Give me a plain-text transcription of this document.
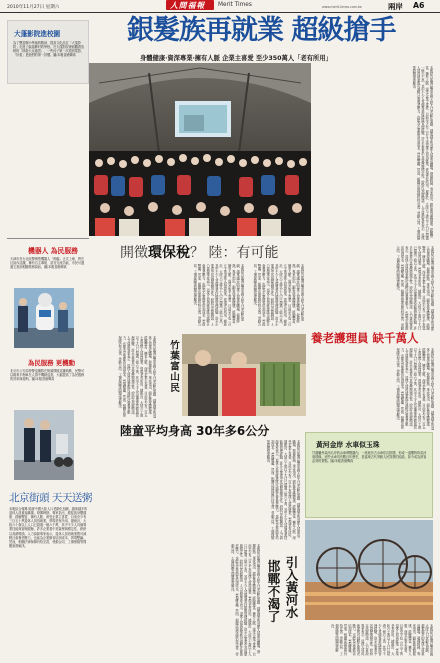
2010年11月27日 星期六	人間福報 Merit Times	www.merit-times.com.tw	兩岸 A6
大蓬影院進校園
為了豐富鄉小學童的精神、提高文化品位「大蓬影院」走進了偏遠鄉村的學校。在大蓬影院裡面觀看放映的「拯救大兵瑞恩」，一些孩子第一次看到電影，「好看」是他們的第一評價。圖/本報香港傳真
銀髮族再就業 超級搶手
身體健康‧資深專業‧擁有人脈 企業主喜愛 至少350萬人「老有所用」
本報綜合報導 隨著中國大陸人口老齡化加劇，越來越多的退休人員重返職場，發揮餘熱。專家指出，銀髮族身體健康、經驗豐富、擁有人脈，深受企業主喜愛，目前至少有三百五十萬退休人員再就業，實現老有所用。據統計，大陸六十歲以上人口已超過一億六千萬，其中不少人具備專業技能與管理經驗，許多企業看中其資歷與穩定性，紛紛以高薪聘請。人力資源專家表示，退休人員再就業既可減輕社會養老壓力，也能為企業節省培訓成本，實現雙贏。然而，相關法律保障仍待完善，勞動合同、工傷保險等問題亟需解決。
機器人 為民服務
天津市首台社區警務型機器人「鈴鐺」正式上崗，將在社區內巡邏，擁有自主導航、語音交流功能，市民可通過它查詢相關業務資訊。圖/本報香港傳真
為民服務 更機動
北京市公安局特警巡邏隊在街頭開展巡邏執勤，民警可以騎乘平衡車在人群中機動巡查，大幅提高了為民服務的效率與便利。圖/本報香港傳真
開徵環保稅？ 陸：有可能
本報綜合報導 隨著中國大陸人口老齡化加劇，越來越多的退休人員重返職場，發揮餘熱。專家指出，銀髮族身體健康、經驗豐富、擁有人脈，深受企業主喜愛，目前至少有三百五十萬退休人員再就業，實現老有所用。據統計，大陸六十歲以上人口已超過一億六千萬，其中不少人具備專業技能與管理經驗，許多企業看中其資歷與穩定性，紛紛以高薪聘請。人力資源專家表示，退休人員再就業既可減輕社會養老壓力，也能為企業節省培訓成本，實現雙贏。然而，相關法律保障仍待完善，勞動合同、工傷保險等問題亟需解決。	本報綜合報導 隨著中國大陸人口老齡化加劇，越來越多的退休人員重返職場，發揮餘熱。專家指出，銀髮族身體健康、經驗豐富、擁有人脈，深受企業主喜愛，目前至少有三百五十萬退休人員再就業，實現老有所用。據統計，大陸六十歲以上人口已超過一億六千萬，其中不少人具備專業技能與管理經驗，許多企業看中其資歷與穩定性，紛紛以高薪聘請。人力資源專家表示，退休人員再就業既可減輕社會養老壓力，也能為企業節省培訓成本，實現雙贏。然而，相關法律保障仍待完善，勞動合同、工傷保險等問題亟需解決。	本報綜合報導 隨著中國大陸人口老齡化加劇，越來越多的退休人員重返職場，發揮餘熱。專家指出，銀髮族身體健康、經驗豐富、擁有人脈，深受企業主喜愛，目前至少有三百五十萬退休人員再就業，實現老有所用。據統計，大陸六十歲以上人口已超過一億六千萬，其中不少人具備專業技能與管理經驗，許多企業看中其資歷與穩定性，紛紛以高薪聘請。人力資源專家表示，退休人員再就業既可減輕社會養老壓力，也能為企業節省培訓成本，實現雙贏。然而，相關法律保障仍待完善，勞動合同、工傷保險等問題亟需解決。
養老護理員 缺千萬人
本報綜合報導 隨著中國大陸人口老齡化加劇，越來越多的退休人員重返職場，發揮餘熱。專家指出，銀髮族身體健康、經驗豐富、擁有人脈，深受企業主喜愛，目前至少有三百五十萬退休人員再就業，實現老有所用。據統計，大陸六十歲以上人口已超過一億六千萬，其中不少人具備專業技能與管理經驗，許多企業看中其資歷與穩定性，紛紛以高薪聘請。人力資源專家表示，退休人員再就業既可減輕社會養老壓力，也能為企業節省培訓成本，實現雙贏。然而，相關法律保障仍待完善，勞動合同、工傷保險等問題亟需解決。	竹葉富山民	本報綜合報導 隨著中國大陸人口老齡化加劇，越來越多的退休人員重返職場，發揮餘熱。專家指出，銀髮族身體健康、經驗豐富、擁有人脈，深受企業主喜愛，目前至少有三百五十萬退休人員再就業，實現老有所用。據統計，大陸六十歲以上人口已超過一億六千萬，其中不少人具備專業技能與管理經驗，許多企業看中其資歷與穩定性，紛紛以高薪聘請。人力資源專家表示，退休人員再就業既可減輕社會養老壓力，也能為企業節省培訓成本，實現雙贏。然而，相關法律保障仍待完善，勞動合同、工傷保險等問題亟需解決。
陸童平均身高 30年多6公分
北京街頭 天天送粥
本報綜合報導 隨著中國大陸人口老齡化加劇，越來越多的退休人員重返職場，發揮餘熱。專家指出，銀髮族身體健康、經驗豐富、擁有人脈，深受企業主喜愛，目前至少有三百五十萬退休人員再就業，實現老有所用。據統計，大陸六十歲以上人口已超過一億六千萬，其中不少人具備專業技能與管理經驗，許多企業看中其資歷與穩定性，紛紛以高薪聘請。人力資源專家表示，退休人員再就業既可減輕社會養老壓力，也能為企業節省培訓成本，實現雙贏。然而，相關法律保障仍待完善，勞動合同、工傷保險等問題亟需解決。
本報綜合報導 隨著中國大陸人口老齡化加劇，越來越多的退休人員重返職場，發揮餘熱。專家指出，銀髮族身體健康、經驗豐富、擁有人脈，深受企業主喜愛，目前至少有三百五十萬退休人員再就業，實現老有所用。據統計，大陸六十歲以上人口已超過一億六千萬，其中不少人具備專業技能與管理經驗，許多企業看中其資歷與穩定性，紛紛以高薪聘請。人力資源專家表示，退休人員再就業既可減輕社會養老壓力，也能為企業節省培訓成本，實現雙贏。然而，相關法律保障仍待完善，勞動合同、工傷保險等問題亟需解決。
本報綜合報導 隨著中國大陸人口老齡化加劇，越來越多的退休人員重返職場，發揮餘熱。專家指出，銀髮族身體健康、經驗豐富、擁有人脈，深受企業主喜愛，目前至少有三百五十萬退休人員再就業，實現老有所用。據統計，大陸六十歲以上人口已超過一億六千萬，其中不少人具備專業技能與管理經驗，許多企業看中其資歷與穩定性，紛紛以高薪聘請。人力資源專家表示，退休人員再就業既可減輕社會養老壓力，也能為企業節省培訓成本，實現雙贏。然而，相關法律保障仍待完善，勞動合同、工傷保險等問題亟需解決。
黃河金岸 水車似玉珠
甘肅蘭州黃河沿岸的水車博覽園內，一座座仿古水車依次排開，形成一道獨特的黃河風情線。這些水車具有數百年歷史，是當地古代勞動人民智慧的結晶，如今成為遊客必到的景點。圖/本報香港傳真
引入黃河水
邯鄲不渴了
本報綜合報導 隨著中國大陸人口老齡化加劇，越來越多的退休人員重返職場，發揮餘熱。專家指出，銀髮族身體健康、經驗豐富、擁有人脈，深受企業主喜愛，目前至少有三百五十萬退休人員再就業，實現老有所用。據統計，大陸六十歲以上人口已超過一億六千萬，其中不少人具備專業技能與管理經驗，許多企業看中其資歷與穩定性，紛紛以高薪聘請。人力資源專家表示，退休人員再就業既可減輕社會養老壓力，也能為企業節省培訓成本，實現雙贏。然而，相關法律保障仍待完善，勞動合同、工傷保險等問題亟需解決。
